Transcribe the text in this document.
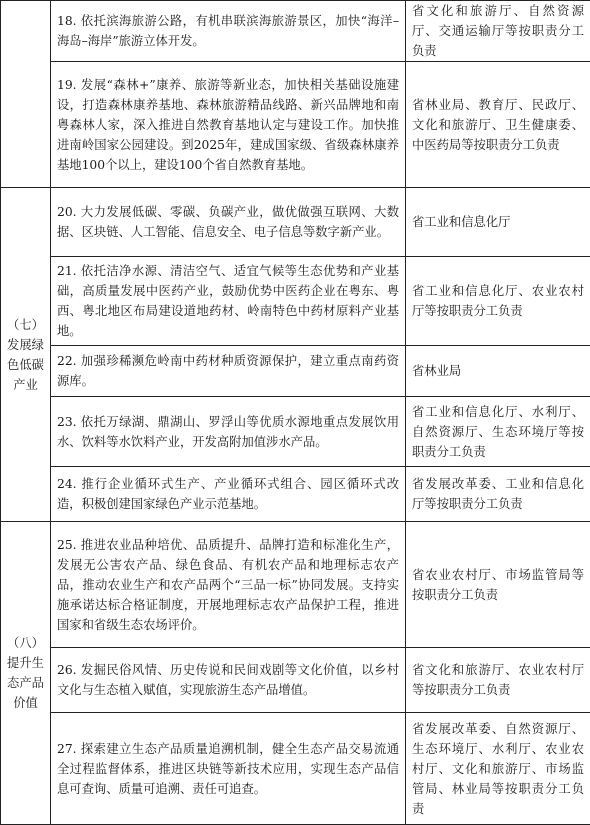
	18. 依托滨海旅游公路，有机串联滨海旅游景区，加快“海洋–海岛–海岸”旅游立体开发。	省文化和旅游厅、自然资源厅、交通运输厅等按职责分工负责
	19. 发展“森林+”康养、旅游等新业态，加快相关基础设施建设，打造森林康养基地、森林旅游精品线路、新兴品牌地和南粤森林人家，深入推进自然教育基地认定与建设工作。加快推进南岭国家公园建设。到2025年，建成国家级、省级森林康养基地100个以上，建设100个省自然教育基地。	省林业局、教育厅、民政厅、文化和旅游厅、卫生健康委、中医药局等按职责分工负责
（七）发展绿色低碳产业	20. 大力发展低碳、零碳、负碳产业，做优做强互联网、大数据、区块链、人工智能、信息安全、电子信息等数字新产业。	省工业和信息化厅
	21. 依托洁净水源、清洁空气、适宜气候等生态优势和产业基础，高质量发展中医药产业，鼓励优势中医药企业在粤东、粤西、粤北地区布局建设道地药材、岭南特色中药材原料产业基地。	省工业和信息化厅、农业农村厅等按职责分工负责
	22. 加强珍稀濒危岭南中药材种质资源保护，建立重点南药资源库。	省林业局
	23. 依托万绿湖、鼎湖山、罗浮山等优质水源地重点发展饮用水、饮料等水饮料产业，开发高附加值涉水产品。	省工业和信息化厅、水利厅、自然资源厅、生态环境厅等按职责分工负责
	24. 推行企业循环式生产、产业循环式组合、园区循环式改造，积极创建国家绿色产业示范基地。	省发展改革委、工业和信息化厅等按职责分工负责
（八）提升生态产品价值	25. 推进农业品种培优、品质提升、品牌打造和标准化生产，发展无公害农产品、绿色食品、有机农产品和地理标志农产品，推动农业生产和农产品两个“三品一标”协同发展。支持实施承诺达标合格证制度，开展地理标志农产品保护工程，推进国家和省级生态农场评价。	省农业农村厅、市场监管局等按职责分工负责
	26. 发掘民俗风情、历史传说和民间戏剧等文化价值，以乡村文化与生态植入赋值，实现旅游生态产品增值。	省文化和旅游厅、农业农村厅等按职责分工负责
	27. 探索建立生态产品质量追溯机制，健全生态产品交易流通全过程监督体系，推进区块链等新技术应用，实现生态产品信息可查询、质量可追溯、责任可追查。	省发展改革委、自然资源厅、生态环境厅、水利厅、农业农村厅、文化和旅游厅、市场监管局、林业局等按职责分工负责
